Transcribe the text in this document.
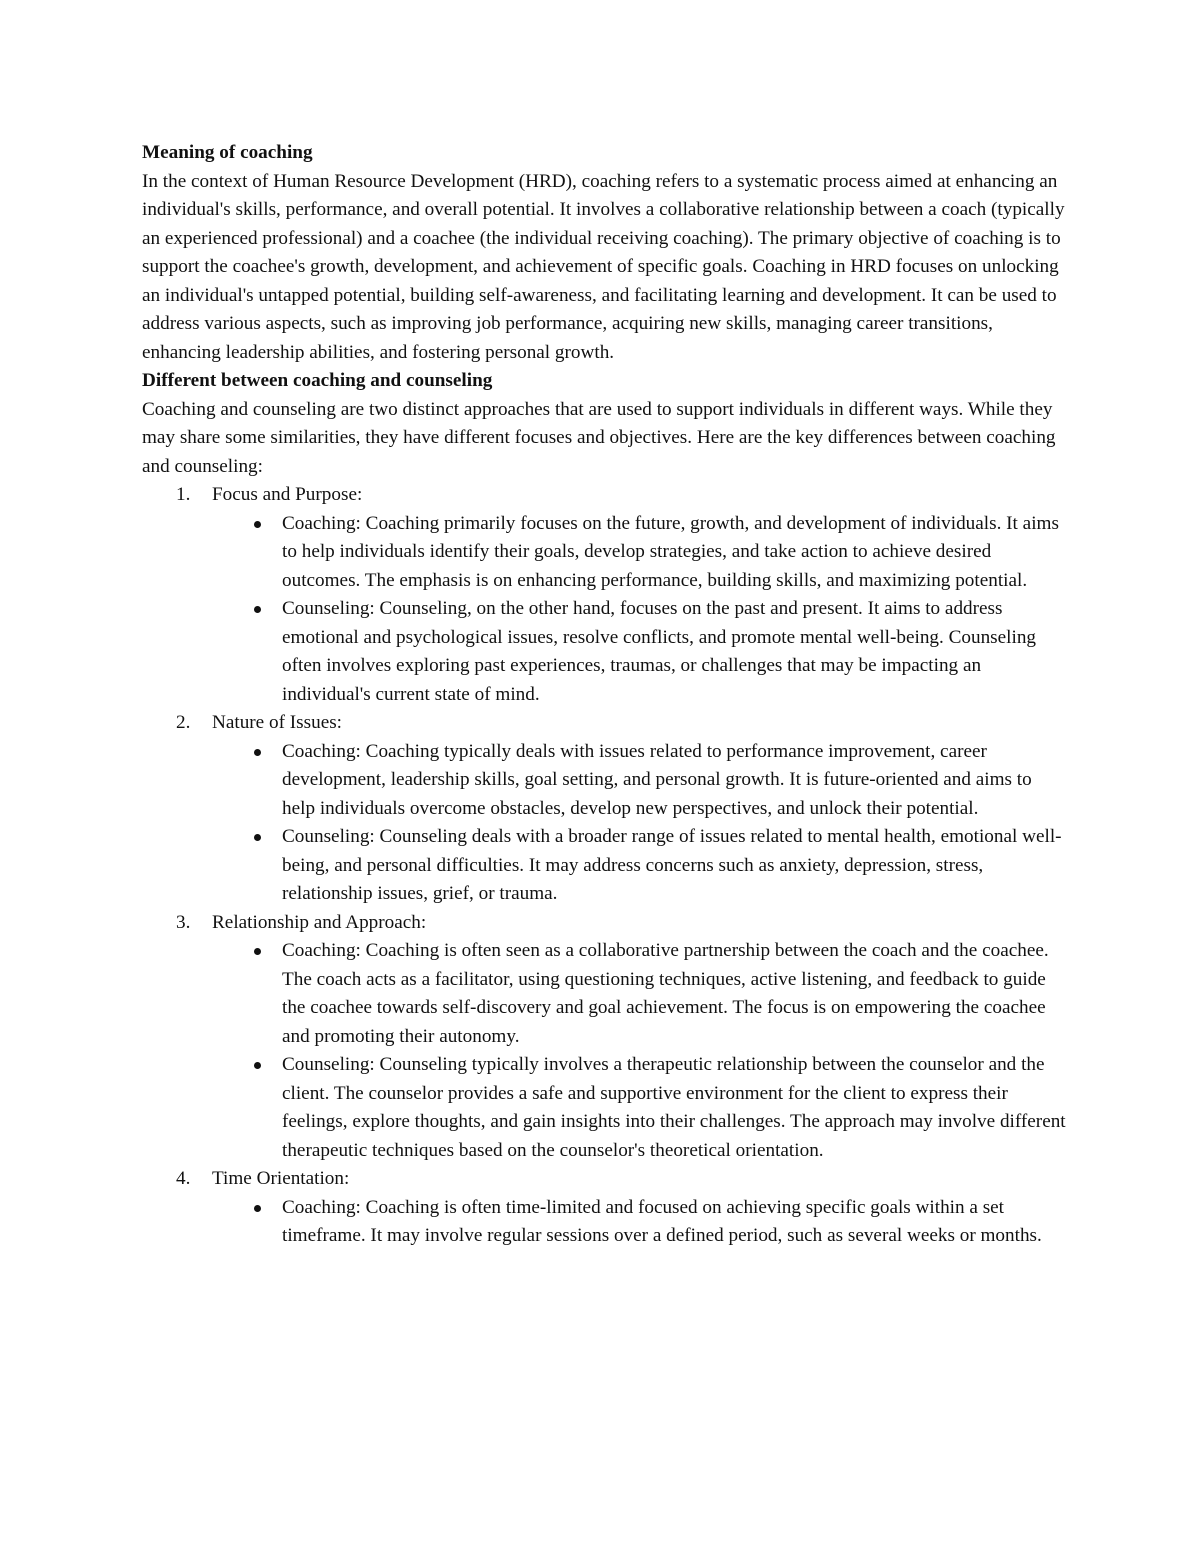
Meaning of coaching

In the context of Human Resource Development (HRD), coaching refers to a systematic process aimed at enhancing an individual's skills, performance, and overall potential. It involves a collaborative relationship between a coach (typically an experienced professional) and a coachee (the individual receiving coaching). The primary objective of coaching is to support the coachee's growth, development, and achievement of specific goals. Coaching in HRD focuses on unlocking an individual's untapped potential, building self-awareness, and facilitating learning and development. It can be used to address various aspects, such as improving job performance, acquiring new skills, managing career transitions, enhancing leadership abilities, and fostering personal growth.

Different between coaching and counseling

Coaching and counseling are two distinct approaches that are used to support individuals in different ways. While they may share some similarities, they have different focuses and objectives. Here are the key differences between coaching and counseling:

1. Focus and Purpose:
Coaching: Coaching primarily focuses on the future, growth, and development of individuals. It aims to help individuals identify their goals, develop strategies, and take action to achieve desired outcomes. The emphasis is on enhancing performance, building skills, and maximizing potential.
Counseling: Counseling, on the other hand, focuses on the past and present. It aims to address emotional and psychological issues, resolve conflicts, and promote mental well-being. Counseling often involves exploring past experiences, traumas, or challenges that may be impacting an individual's current state of mind.
2. Nature of Issues:
Coaching: Coaching typically deals with issues related to performance improvement, career development, leadership skills, goal setting, and personal growth. It is future-oriented and aims to help individuals overcome obstacles, develop new perspectives, and unlock their potential.
Counseling: Counseling deals with a broader range of issues related to mental health, emotional well-being, and personal difficulties. It may address concerns such as anxiety, depression, stress, relationship issues, grief, or trauma.
3. Relationship and Approach:
Coaching: Coaching is often seen as a collaborative partnership between the coach and the coachee. The coach acts as a facilitator, using questioning techniques, active listening, and feedback to guide the coachee towards self-discovery and goal achievement. The focus is on empowering the coachee and promoting their autonomy.
Counseling: Counseling typically involves a therapeutic relationship between the counselor and the client. The counselor provides a safe and supportive environment for the client to express their feelings, explore thoughts, and gain insights into their challenges. The approach may involve different therapeutic techniques based on the counselor's theoretical orientation.
4. Time Orientation:
Coaching: Coaching is often time-limited and focused on achieving specific goals within a set timeframe. It may involve regular sessions over a defined period, such as several weeks or months.
